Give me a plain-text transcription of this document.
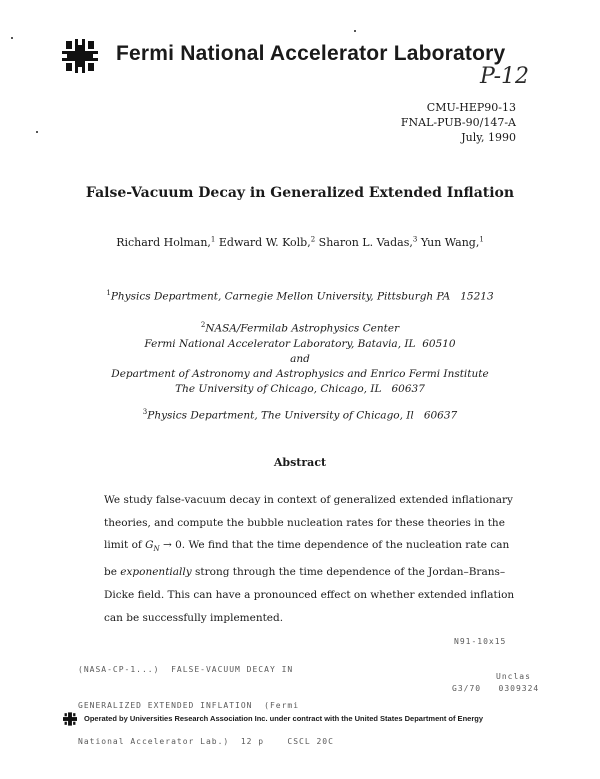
Fermi National Accelerator Laboratory
P-12
CMU-HEP90-13
FNAL-PUB-90/147-A
July, 1990
False-Vacuum Decay in Generalized Extended Inflation
Richard Holman,$^1$ Edward W. Kolb,$^2$ Sharon L. Vadas,$^3$ Yun Wang,$^1$
$^1$Physics Department, Carnegie Mellon University, Pittsburgh PA 15213
$^2$NASA/Fermilab Astrophysics Center
Fermi National Accelerator Laboratory, Batavia, IL 60510
and
Department of Astronomy and Astrophysics and Enrico Fermi Institute
The University of Chicago, Chicago, IL 60637
$^3$Physics Department, The University of Chicago, Il 60637
Abstract
We study false-vacuum decay in context of generalized extended inflationary
theories, and compute the bubble nucleation rates for these theories in the
limit of $G_N \to 0$. We find that the time dependence of the nucleation rate can
be exponentially strong through the time dependence of the Jordan–Brans–
Dicke field. This can have a pronounced effect on whether extended inflation
can be successfully implemented.

(NASA-CP-1...)  FALSE-VACUUM DECAY IN

GENERALIZED EXTENDED INFLATION  (Fermi

National Accelerator Lab.)  12 p    CSCL 20C

N91-10x15
Unclas
G3/70   0309324
Operated by Universities Research Association Inc. under contract with the United States Department of Energy
